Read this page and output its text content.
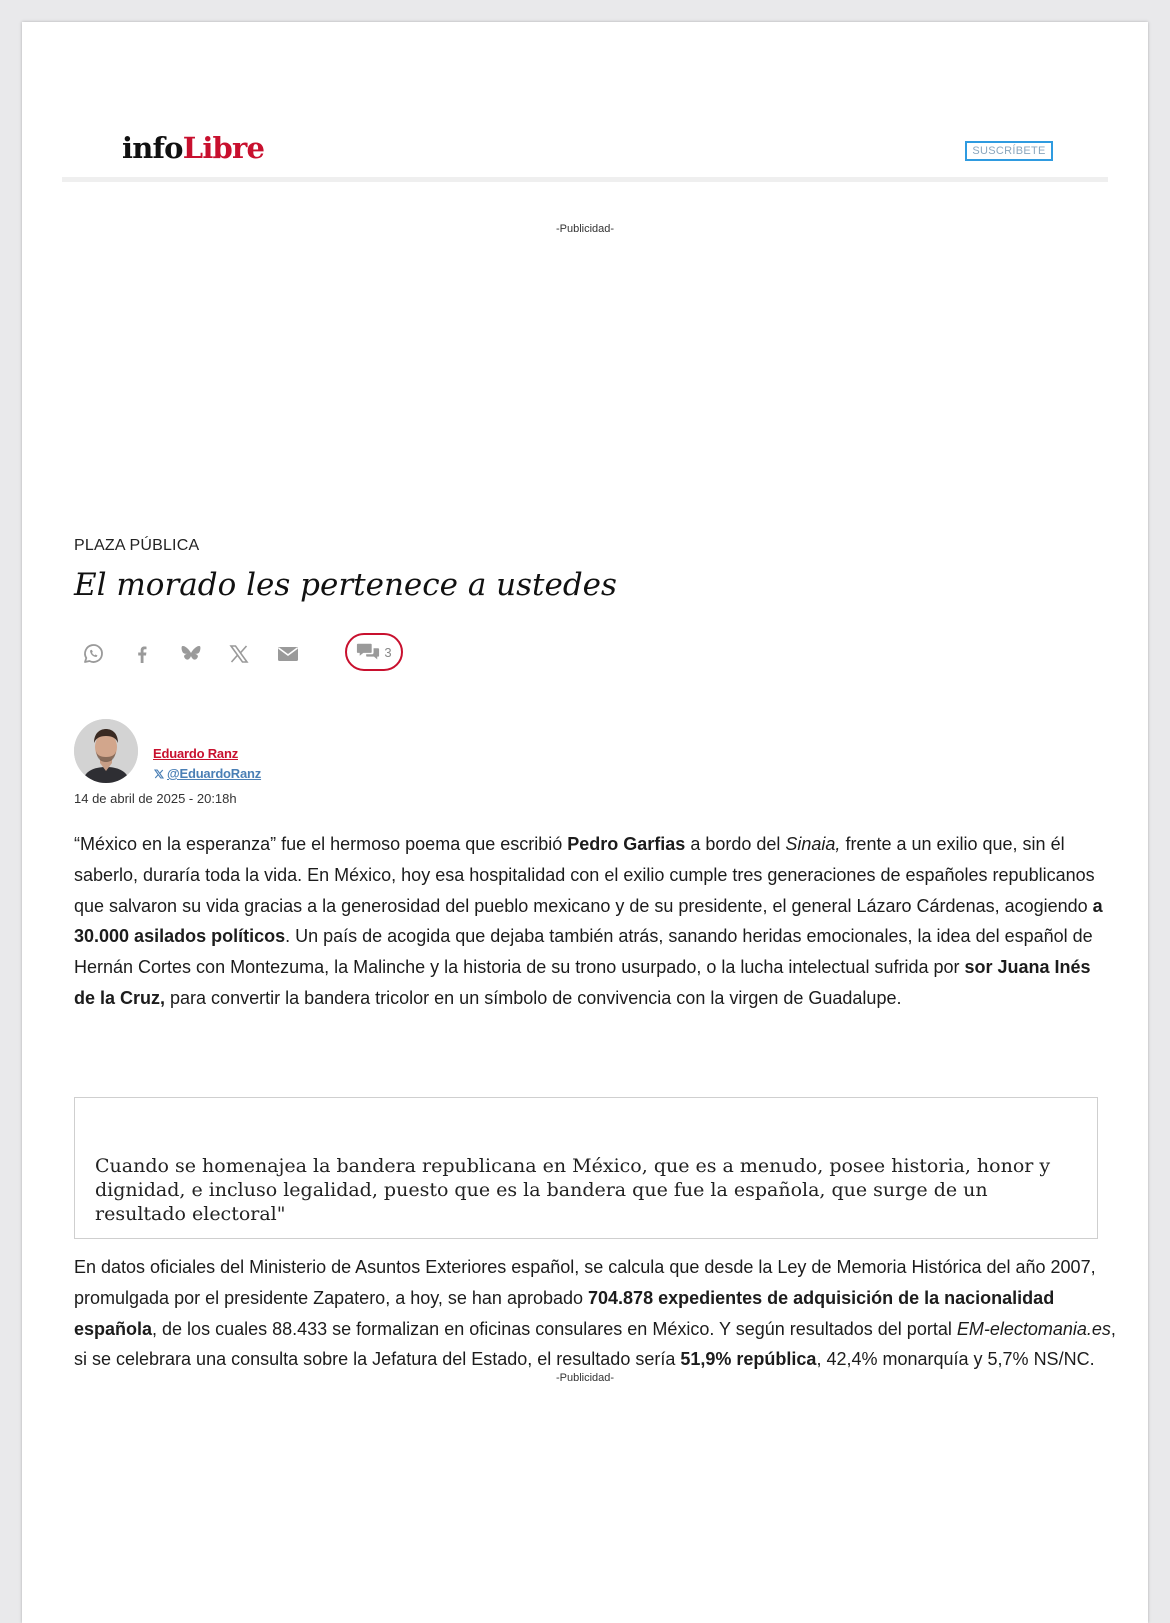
infoLibre	SUSCRÍBETE
-Publicidad-
PLAZA PÚBLICA
El morado les pertenece a ustedes
3
Eduardo Ranz
@EduardoRanz
14 de abril de 2025 - 20:18h

“México en la esperanza” fue el hermoso poema que escribió Pedro Garfias a bordo del Sinaia, frente a un exilio que, sin él saberlo, duraría toda la vida. En México, hoy esa hospitalidad con el exilio cumple tres generaciones de españoles republicanos que salvaron su vida gracias a la generosidad del pueblo mexicano y de su presidente, el general Lázaro Cárdenas, acogiendo a 30.000 asilados políticos. Un país de acogida que dejaba también atrás, sanando heridas emocionales, la idea del español de Hernán Cortes con Montezuma, la Malinche y la historia de su trono usurpado, o la lucha intelectual sufrida por sor Juana Inés de la Cruz, para convertir la bandera tricolor en un símbolo de convivencia con la virgen de Guadalupe.

Cuando se homenajea la bandera republicana en México, que es a menudo, posee historia, honor y dignidad, e incluso legalidad, puesto que es la bandera que fue la española, que surge de un resultado electoral"

En datos oficiales del Ministerio de Asuntos Exteriores español, se calcula que desde la Ley de Memoria Histórica del año 2007, promulgada por el presidente Zapatero, a hoy, se han aprobado 704.878 expedientes de adquisición de la nacionalidad española, de los cuales 88.433 se formalizan en oficinas consulares en México. Y según resultados del portal EM-electomania.es, si se celebrara una consulta sobre la Jefatura del Estado, el resultado sería 51,9% república, 42,4% monarquía y 5,7% NS/NC.

-Publicidad-
